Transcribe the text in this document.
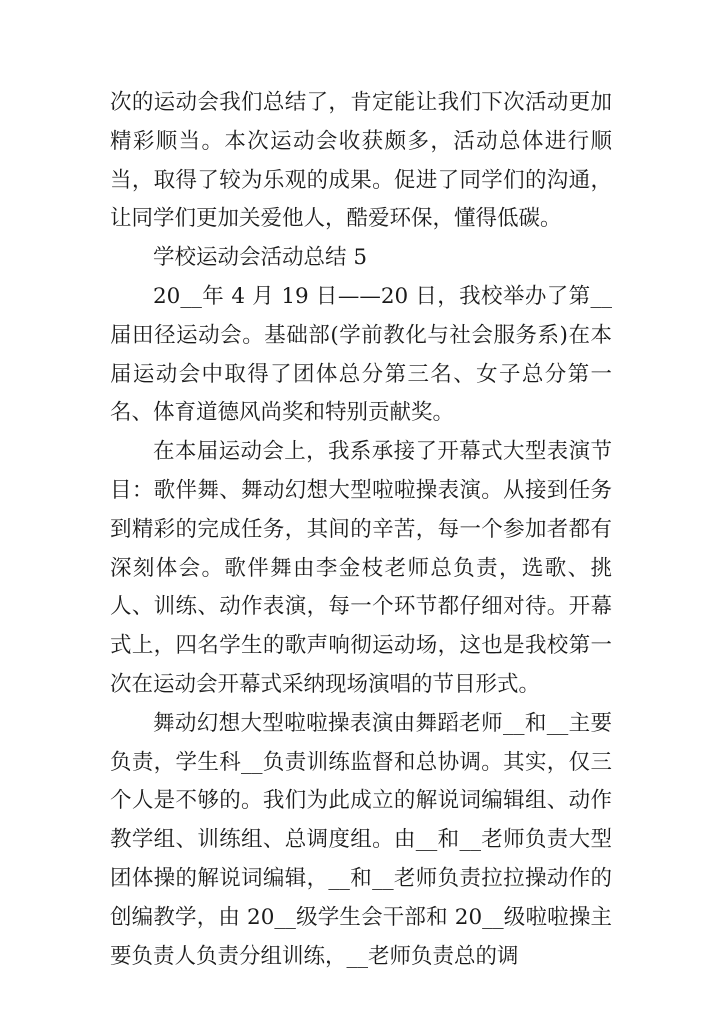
次的运动会我们总结了，肯定能让我们下次活动更加精彩顺当。本次运动会收获颇多，活动总体进行顺当，取得了较为乐观的成果。促进了同学们的沟通，让同学们更加关爱他人，酷爱环保，懂得低碳。

学校运动会活动总结 5

20__年 4 月 19 日——20 日，我校举办了第__届田径运动会。基础部(学前教化与社会服务系)在本届运动会中取得了团体总分第三名、女子总分第一名、体育道德风尚奖和特别贡献奖。

在本届运动会上，我系承接了开幕式大型表演节目：歌伴舞、舞动幻想大型啦啦操表演。从接到任务到精彩的完成任务，其间的辛苦，每一个参加者都有深刻体会。歌伴舞由李金枝老师总负责，选歌、挑人、训练、动作表演，每一个环节都仔细对待。开幕式上，四名学生的歌声响彻运动场，这也是我校第一次在运动会开幕式采纳现场演唱的节目形式。

舞动幻想大型啦啦操表演由舞蹈老师__和__主要负责，学生科__负责训练监督和总协调。其实，仅三个人是不够的。我们为此成立的解说词编辑组、动作教学组、训练组、总调度组。由__和__老师负责大型团体操的解说词编辑，__和__老师负责拉拉操动作的创编教学，由 20__级学生会干部和 20__级啦啦操主要负责人负责分组训练，__老师负责总的调
